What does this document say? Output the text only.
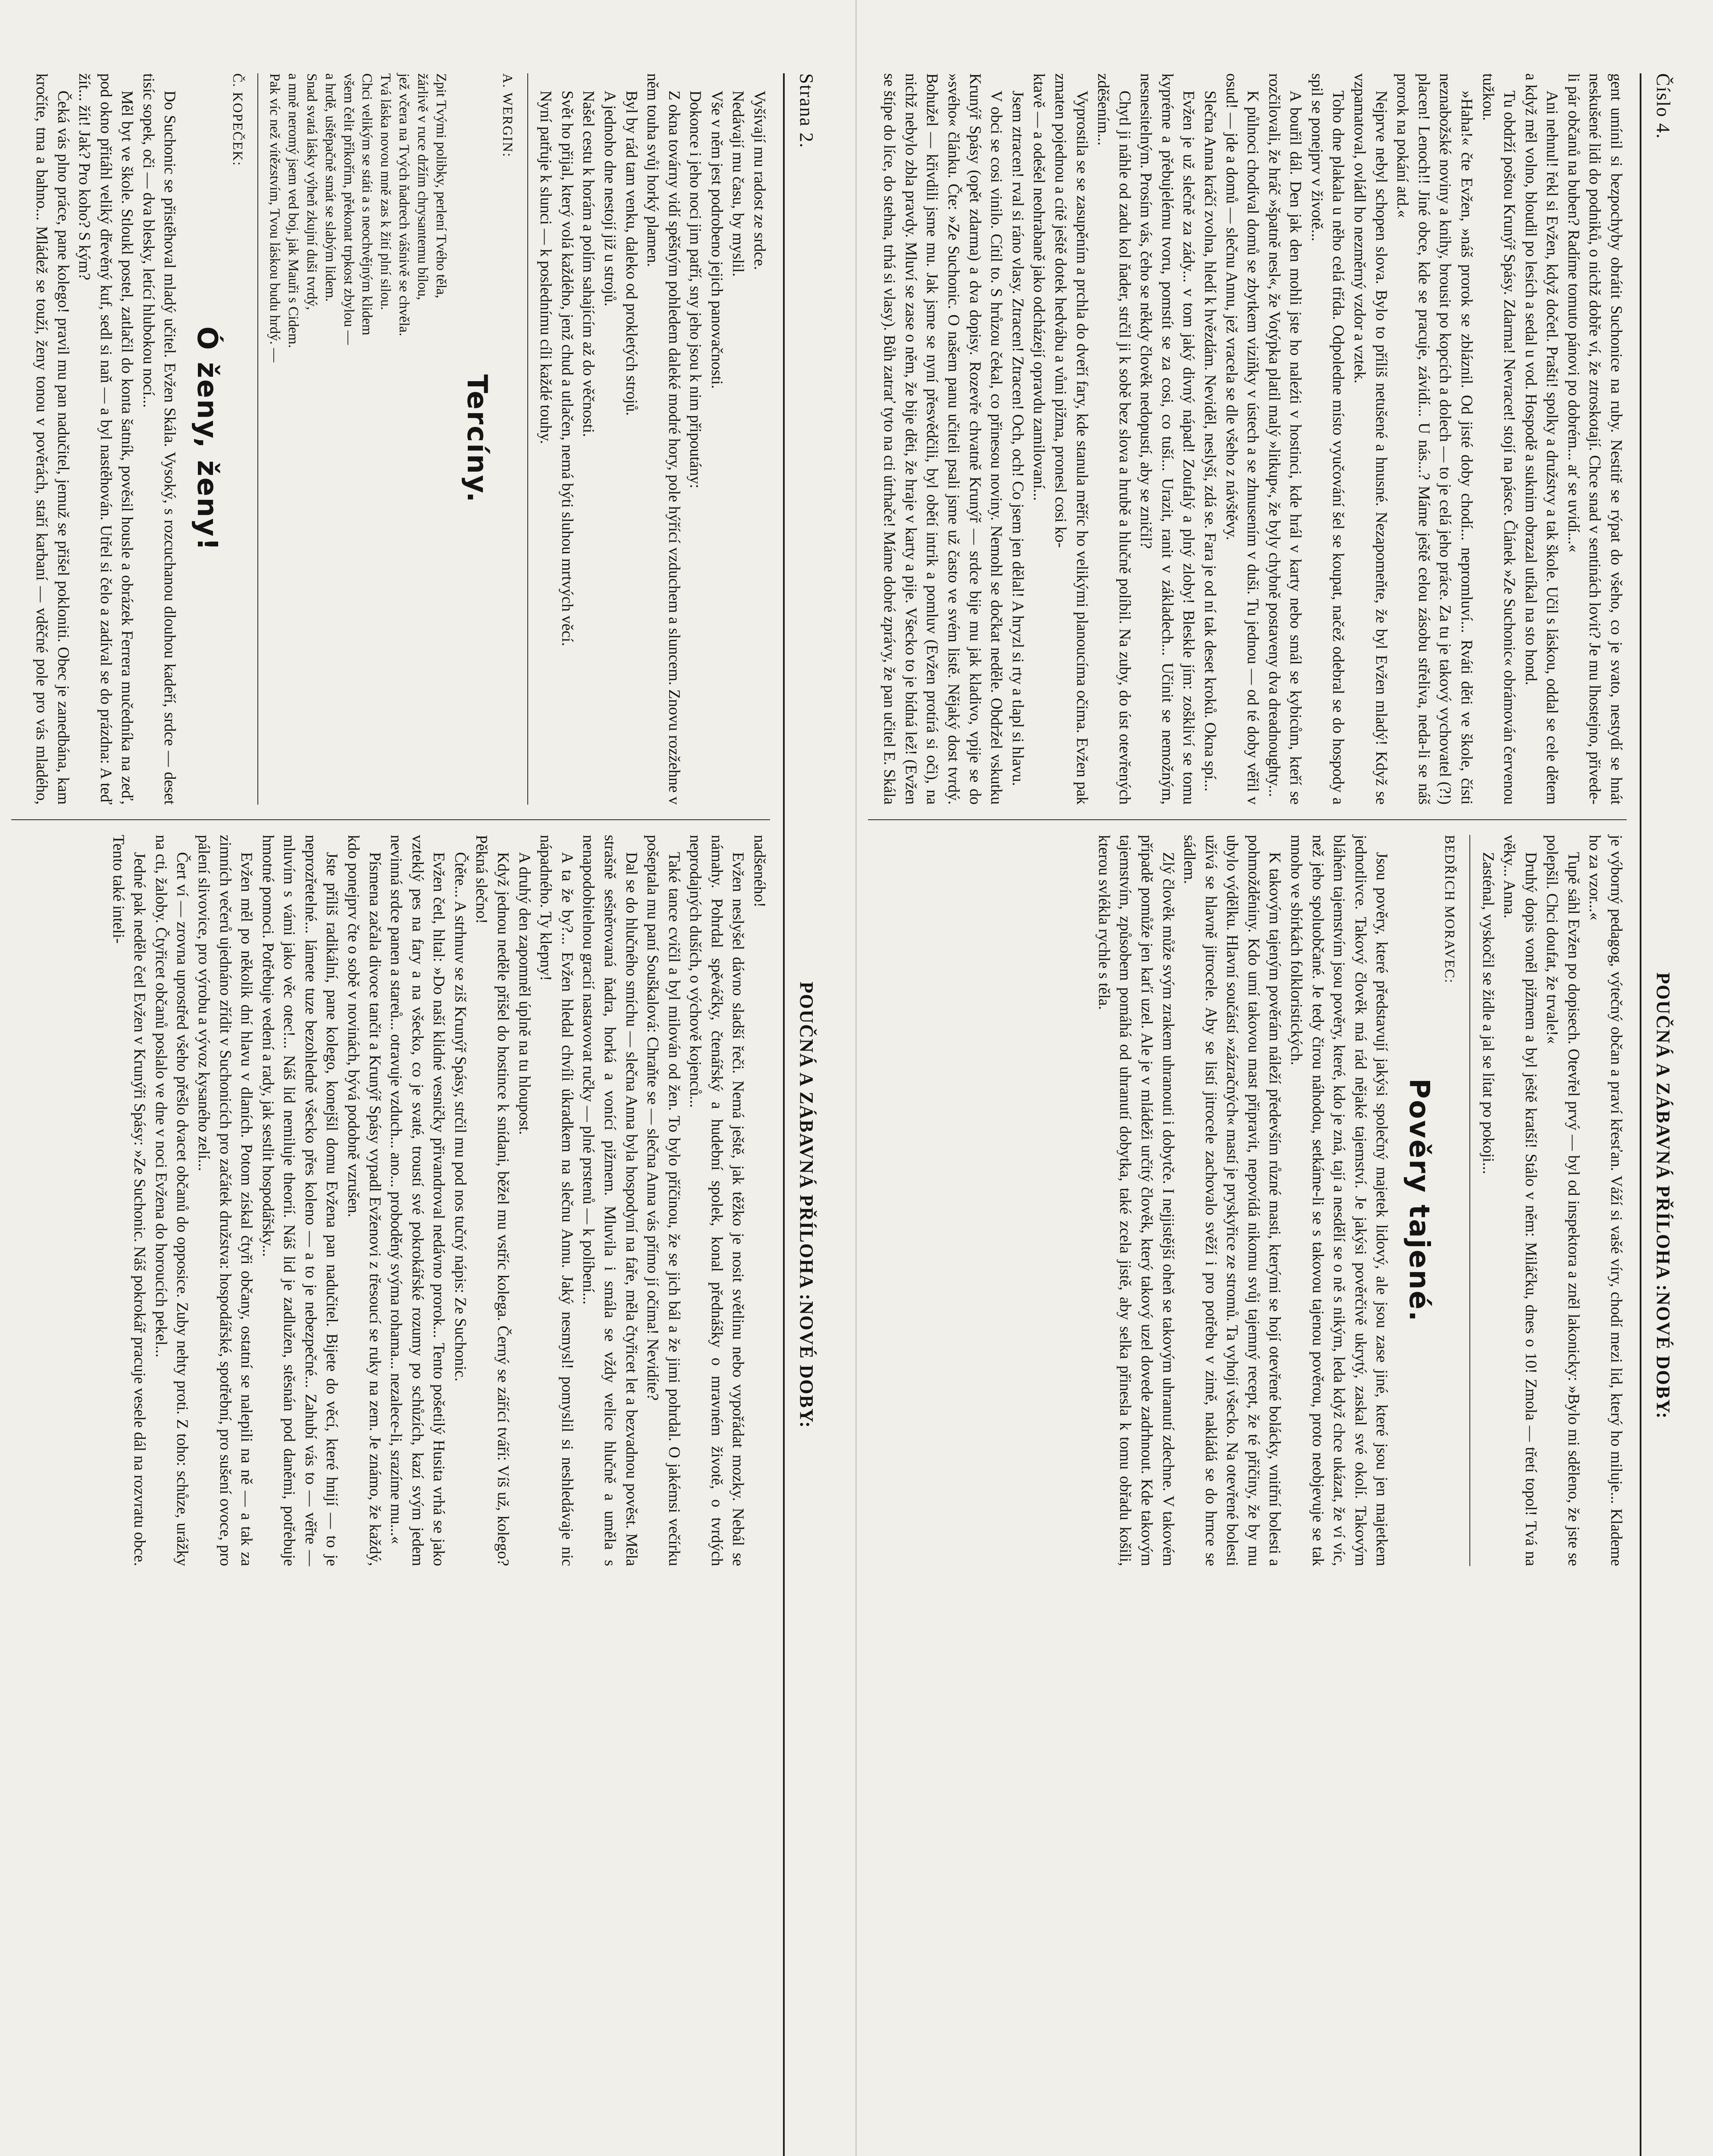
Strana 2.
POUČNÁ A ZÁBAVNÁ PŘÍLOHA :NOVÉ DOBY:

Vyšívají mu radost ze srdce.

Nedávají mu času, by myslil.

Vše v něm jest podrobeno jejich panovačnosti.

Dokonce i jeho noci jim patří, sny jeho jsou k nim připoutány:

Z okna továrny vidí spěšným pohledem daleké modré hory, pole hýřící vzduchem a sluncem. Znovu rozžehne v něm touha svůj horký plamen.

Byl by rád tam venku, daleko od prokletých strojů.

A jednoho dne nestojí již u strojů.

Našel cestu k horám a polím sahajícím až do věčnosti.

Svět ho přijal, který volá každého, jenž chud a utlačen, nemá býti sluhou mrtvých věcí.

Nyní patřuje k slunci — k poslednímu cíli každé touhy.

A. WERGIN:
Tercíny.

Zpit Tvými polibky, perlení Tvého těla,

žárlivě v ruce držím chrysantemu bílou,

jež včera na Tvých ňadrech vášnivě se chvěla.

Tvá láska novou mně zas k žití plní silou.

Chci velikým se státi a s neochvějným klidem

všem čelit příkořím, překonat trpkost zbylou —

a hrdě, uštěpačně smát se slabým lidem.

Snad svatá lásky výheň zkujní duši tvrdý,

a mně neromý jsem ved boj, jak Mauři s Cidem.

Pak víc než vítězstvím, Tvou láskou budu hrdý. —

Č. KOPEČEK:
Ó ženy, ženy!

Do Suchonic se přistěhoval mladý učitel. Evžen Skála. Vysoký, s rozcuchanou dlouhou kadeří, srdce — deset tisíc sopek, oči — dva blesky, letící hlubokou nocí...

Měl byt ve škole. Stloukl postel, zatlačil do konta šatník, pověsil housle a obrázek Ferrera mučedníka na zeď, pod okno přitáhl veliký dřevěný kuf, sedl si naň — a byl nastěhován. Utřel si čelo a zadíval se do prázdna: A teď žít... žít! Jak? Pro koho? S kým?

Čeká vás plno práce, pane kolego! pravil mu pan nadučitel, jemuž se přišel pokloniti. Obec je zanedbána, kam kročíte, tma a bahno... Mládež se touží, ženy tonou v pověrách, staří karbaní — vděčné pole pro vás mladého, nadšeného!

Evžen neslyšel dávno sladší řeči. Nemá ještě, jak těžko je nosit světlinu nebo vypořádat mozky. Nebál se námahy. Pohrdal spěváčky, čtenářský a hudební spolek, konal přednášky o mravném životě, o tvrdých neprodajných duších, o výchově kojenců...

Také tance cvičil a byl milován od žen. To bylo příčinou, že se jich bál a že jimi pohrdal. O jakémsi večírku pošeptala mu paní Souškalová: Chraňte se — slečna Anna vás přímo jí očima! Nevidíte?

Dal se do hlučného smíchu — slečna Anna byla hospodyní na faře, měla čtyřicet let a bezvadnou pověst. Měla strašně sešněrovaná ňadra, horká a vonící pižmem. Mluvila i smála se vždy velice hlučně a uměla s nenapodobitelnou gracií nastavovat ručky — plné prstenů — k políbení...

A ta že by?... Evžen hledal chvíli úkradkem na slečnu Annu. Jaký nesmysl! pomyslil si neshledávaje nic nápadného. Ty klepny!

A druhý den zapomněl úplně na tu hloupost.

Když jednou neděle přišel do hostince k snídani, běžel mu vstříc kolega. Černý se zářící tváří: Víš už, kolego? Pěkná slečno!

Čtěte... A strhnuv se ziš Krunýř Spásy, strčil mu pod nos tučný nápis: Ze Suchonic.

Evžen četl, hltal: »Do naší klidné vesničky přivandroval nedávno prorok... Tento pošetilý Husita vrhá se jako vzteklý pes na fary a na všecko, co je svaté, troustí své pokrokářské rozumy po schůzích, kazí svým jedem nevinná srdce panen a stareů... otravuje vzduch... ano... proboděný svýma rohama... nezalece-li, srazíme mu...«

Písmena začala divoce tančit a Krunýř Spásy vypadl Evženovi z třesoucí se ruky na zem. Je známo, že každý, kdo ponejprv čte o sobě v novinách, bývá podobně vzrušen.

Jste příliš radikální, pane kolego, konejšil domu Evžena pan nadučitel. Bijete do věcí, které hnijí — to je neprozřetelné... lámete tuze bezohledně všecko přes koleno — a to je nebezpečné... Zahubí vás to — věřte — mluvím s vámi jako věc otec!... Náš lid nemiluje theorií. Náš lid je zadlužen, stěsnán pod daněmi, potřebuje hmotné pomoci. Potřebuje vedení a rady, jak sestlit hospodářsky...

Evžen měl po několik dní hlavu v dlaních. Potom získal čtyři občany, ostatní se nalepili na ně — a tak za zimních večerů ujednáno zřídit v Suchonicích pro začátek družstva: hospodářské, spotřební, pro sušení ovoce, pro pálení slivovice, pro výrobu a vývoz kysaného zelí...

Čert ví — zrovna uprostřed všeho přešlo dvacet občanů do opposice. Zuby nehty proti. Z toho: schůze, urážky na cti, žaloby. Čtyřicet občanů poslalo ve dne v noci Evžena do horoucích pekel...

Jedné pak neděle četl Evžen v Krunýři Spásy: »Ze Suchonic. Náš pokrokář pracuje vesele dál na rozvratu obce. Tento také inteli-

Číslo 4.
POUČNÁ A ZÁBAVNÁ PŘÍLOHA :NOVÉ DOBY:

gent umínil si bezpochyby obrátit Suchonice na ruby. Nestitř se rýpat do všeho, co je svato, nestydí se hnát neskušené lidi do podniků, o nichž dobře ví, že ztroskotají. Chce snad v sentinách lovit? Je mu lhostejno, přivede-li pár občanů na buben? Radíme tomuto pánovi po dobrém... ať se uvidí...«

Ani nehnul! řekl si Evžen, když dočetl. Prašti! spolky a družstvy a tak škole. Učil s láskou, oddal se cele dětem a když měl volno, bloudil po lesích a sedal u vod. Hospodě a suknim obrazal utíkal na sto hond.

Tu obdrží poštou Krunýř Spásy. Zdarma! Nevracet! stojí na pásce. Článek »Ze Suchonic« obrámován červenou tužkou.

»Haha!« čte Evžen, »náš prorok se zbláznil. Od jisté doby chodí... nepromluví... Rváti děti ve škole, čísti neznabožské noviny a knihy, brousit po kopcích a dolech — to je celá jeho práce. Za tu je takový vychovatel (?!) placen! Lenoch!! Jiné obce, kde se pracuje, závidí... U nás...? Máme ještě celou zásobu střeliva, neda-li se náš prorok na pokání atd.«

Nejprve nebyl schopen slova. Bylo to příliš netušené a hnusné. Nezapomeňte, že byl Evžen mladý! Když se vzpamatoval, ovládl ho nezměrný vzdor a vztek.

Toho dne plakala u něho celá třída. Odpoledne místo vyučování šel se koupat, načež odebral se do hospody a spil se ponejprv v životě...

A bouřil dál. Den jak den mohli jste ho naleźti v hostinci, kde hrál v karty nebo smál se kybicům, kteří se rozčilovali, že hráč »špatně nesl«, že Votýpka platil malý »litkup«, že byly chybně postaveny dva dreadnoughty...

K půlnoci chodíval domů se zbytkem viziňky v ústech a se zhnusením v duši. Tu jednou — od té doby věřil v osud! — jde a domů — slečnu Annu, jež vracela se dle všeho z návštěvy.

Slečna Anna kráčí zvolna, hledí k hvězdám. Neviděl, neslyší, zdá se. Fara je od ní tak deset kroků. Okna spí...

Evžen je už slečně za zády... v tom jaký divný nápad! Zoufalý a plný zloby! Bleskle jím: zoškliví se tomu kypréme a přebujelému tvoru, pomstít se za cosi, co tuší... Urazit, ranit v základech... Učinit se nemožným, nesnesitelným. Prosím vás, čeho se někdy člověk nedopustí, aby se zničil?

Chytl ji náhle od zadu kol ňader, strčil ji k sobě bez slova a hrubě a hlučně políbil. Na zuby, do úst otevřených zděšením...

Vyprostila se se zasupěním a prchla do dveří fary, kde stanula měříc ho velikými planoucíma očima. Evžen pak zmaten pojednou a cítě ještě dotek hedvábu a vůni pižma, pronesl cosi ko-

ktavě — a odešel neohrabaně jako odcházejí opravdu zamilovaní...

Jsem ztracen! rval si ráno vlasy. Ztracen! Ztracen! Och, och! Co jsem jen dělal! A hryzl si rty a tlapl si hlavu.

V obci se cosi vinilo. Cítil to. S hrůzou čekal, co přinesou noviny. Nemohl se dočkat neděle. Obdržel vskutku Krunýř Spásy (opět zdarma) a dva dopisy. Rozevře chvatně Krunýř — srdce bije mu jak kladivo, vpije se do »svého« článku. Čte: »Ze Suchonic. O našem panu učiteli psali jsme už častо ve svém listě. Nějaký dost tvrdý. Bohužel — křivdili jsme mu. Jak jsme se nyní přesvědčili, byl obětí intrik a pomluv (Evžen protírá si oči), na nichž nebylo zbla pravdy. Mluví se zase o něm, že bije děti, že hraje v karty a pije. Všecko to je bídná lež! (Evžen se štípe do líce, do stehna, trhá si vlasy). Bůh zatrať tyto na cti útrhače! Máme dobré zprávy, že pan učitel E. Skála je výborný pedagog, výtečný občan a praví křesťan. Váží si vašé víry, chodí mezi lid, který ho miluje... Klademe ho za vzor...«

Tupě sáhl Evžen po dopisech. Otevřel prvý — byl od inspektora a zněl lakonicky: »Bylo mi sděleno, že jste se polepšil. Chci doufat, že trvale!«

Druhý dopis voněl pižmem a byl ještě kratší! Stálo v něm: Miláčku, dnes o 10! Zmola — třetí topol! Tvá na věky... Anna.

Zasténal, vyskočil se židle a jal se lítat po pokoji...

BEDŘICH MORAVEC:
Pověry tajené.

Jsou pověry, které představují jakýsi společný majetek lidový, ale jsou zase jiné, které jsou jen majetkem jednotlivce. Takový člověk má rád nějaké tajemství. Je jakýsi pověrčivě ukrytý, zaskal své okolí. Takovým bláhém tajemstvím jsou pověry, které, kdo je zná, tají a nesdělí se o ně s nikým, leda když chce ukázat, že ví víc, než jeho spoluobčané. Je tedy čirou náhodou, setkáme-li se s takovou tajenou pověrou, proto neobjevuje se tak mnoho ve sbírkách folkloristických.

K takovým tajeným pověrám náleží především různé masti, kterými se hojí otevřené bolácky, vnitřní bolesti a pohmožděniny. Kdo umí takovou mast připravit, nepovídá nikomu svůj tajemný recept, že té přičiny, že by mu ubylo výdělku. Hlavní součástí »zázračných« mastí je pryskyřice ze stromů. Ta vyhojí všecko. Na otevřené bolesti užívá se hlavně jitrocele. Aby se listí jitrocele zachovalo svěží i pro potřebu v zimě, nakládá se do hrnce se sádlem.

Zlý člověk může svým zrakem uhranouti i dobytče. I nejjistější oheň se takovým uhranutí zdechne. V takovém případě pomůže jen kaťí uzel. Ale je v mládeži určitý člověk, který takový uzel dovede zadrhnout. Kde takovým tajemstvím, způsobem pomáhá od uhranutí dobytka, také zcela jistě, aby selka přinesla k tomu obřadu košili, kterou svlékla rychle s těla.
